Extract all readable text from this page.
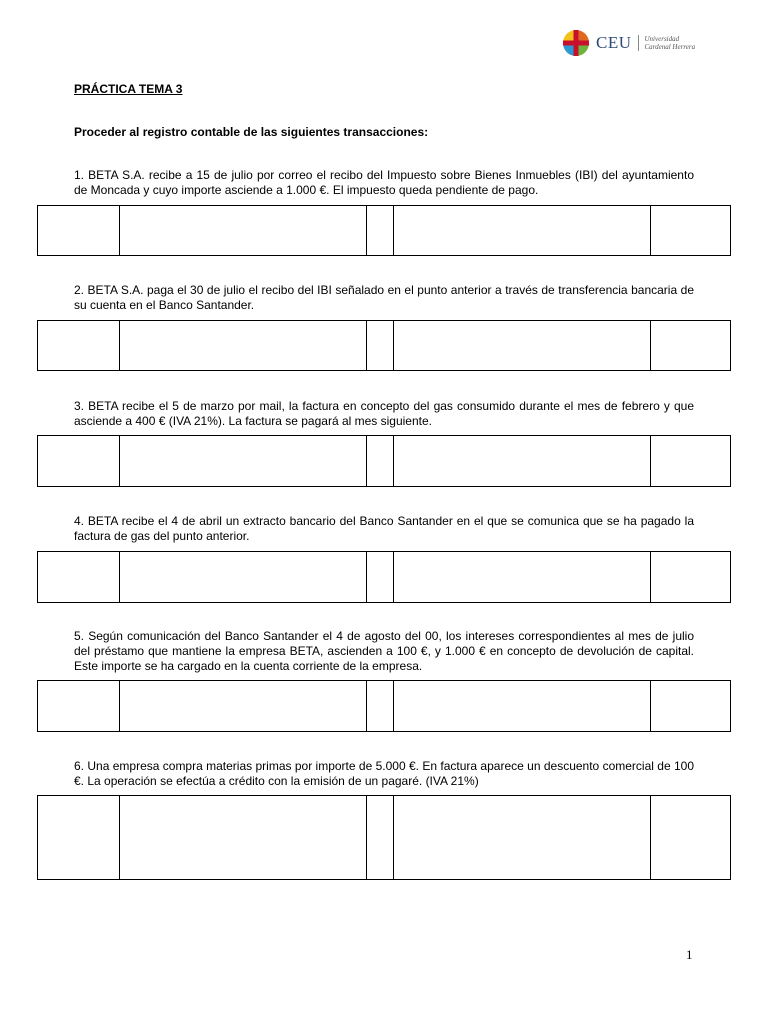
CEU Universidad
Cardenal Herrera
PRÁCTICA TEMA 3
Proceder al registro contable de las siguientes transacciones:
1. BETA S.A. recibe a 15 de julio por correo el recibo del Impuesto sobre Bienes Inmuebles (IBI) del ayuntamiento de Moncada y cuyo importe asciende a 1.000 €. El impuesto queda pendiente de pago.
2. BETA S.A. paga el 30 de julio el recibo del IBI señalado en el punto anterior a través de transferencia bancaria de su cuenta en el Banco Santander.
3. BETA recibe el 5 de marzo por mail, la factura en concepto del gas consumido durante el mes de febrero y que asciende a 400 € (IVA 21%). La factura se pagará al mes siguiente.
4. BETA recibe el 4 de abril un extracto bancario del Banco Santander en el que se comunica que se ha pagado la factura de gas del punto anterior.
5. Según comunicación del Banco Santander el 4 de agosto del 00, los intereses correspondientes al mes de julio del préstamo que mantiene la empresa BETA, ascienden a 100 €, y 1.000 € en concepto de devolución de capital. Este importe se ha cargado en la cuenta corriente de la empresa.
6. Una empresa compra materias primas por importe de 5.000 €. En factura aparece un descuento comercial de 100 €. La operación se efectúa a crédito con la emisión de un pagaré. (IVA 21%)
1
